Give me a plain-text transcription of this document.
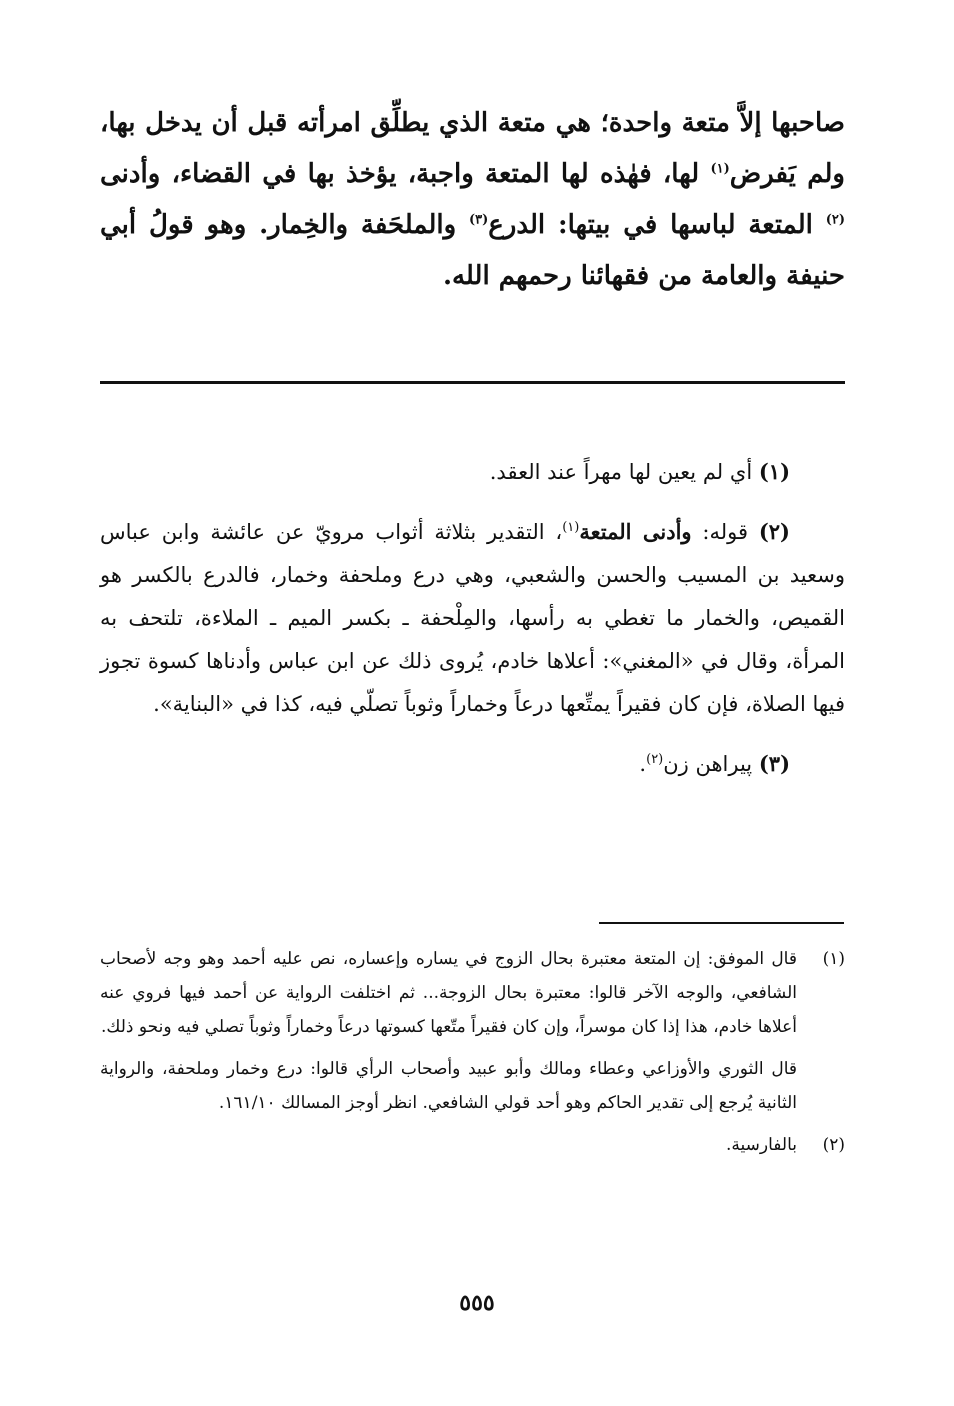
صاحبها إلاَّ متعة واحدة؛ هي متعة الذي يطلِّق امرأته قبل أن يدخل بها، ولم يَفرض$^{(١)}$ لها، فهٰذه لها المتعة واجبة، يؤخذ بها في القضاء، وأدنى $^{(٢)}$ المتعة لباسها في بيتها: الدرع$^{(٣)}$ والملحَفة والخِمار. وهو قولُ أبي حنيفة والعامة من فقهائنا رحمهم الله.

(١) أي لم يعين لها مهراً عند العقد.
(٢) قوله: وأدنى المتعة$^{(١)}$، التقدير بثلاثة أثواب مرويّ عن عائشة وابن عباس وسعيد بن المسيب والحسن والشعبي، وهي درع وملحفة وخمار، فالدرع بالكسر هو القميص، والخمار ما تغطي به رأسها، والمِلْحفة ـ بكسر الميم ـ الملاءة، تلتحف به المرأة، وقال في «المغني»: أعلاها خادم، يُروى ذلك عن ابن عباس وأدناها كسوة تجوز فيها الصلاة، فإن كان فقيراً يمتِّعها درعاً وخماراً وثوباً تصلّي فيه، كذا في «البناية».
(٣) پيراهن زن$^{(٢)}$.
(١)
قال الموفق: إن المتعة معتبرة بحال الزوج في يساره وإعساره، نص عليه أحمد وهو وجه لأصحاب الشافعي، والوجه الآخر قالوا: معتبرة بحال الزوجة... ثم اختلفت الرواية عن أحمد فيها فروي عنه أعلاها خادم، هذا إذا كان موسراً، وإن كان فقيراً متّعها كسوتها درعاً وخماراً وثوباً تصلي فيه ونحو ذلك.
قال الثوري والأوزاعي وعطاء ومالك وأبو عبيد وأصحاب الرأي قالوا: درع وخمار وملحفة، والرواية الثانية يُرجع إلى تقدير الحاكم وهو أحد قولي الشافعي. انظر أوجز المسالك ١٦١/١٠.
(٢)
بالفارسية.
٥٥٥
